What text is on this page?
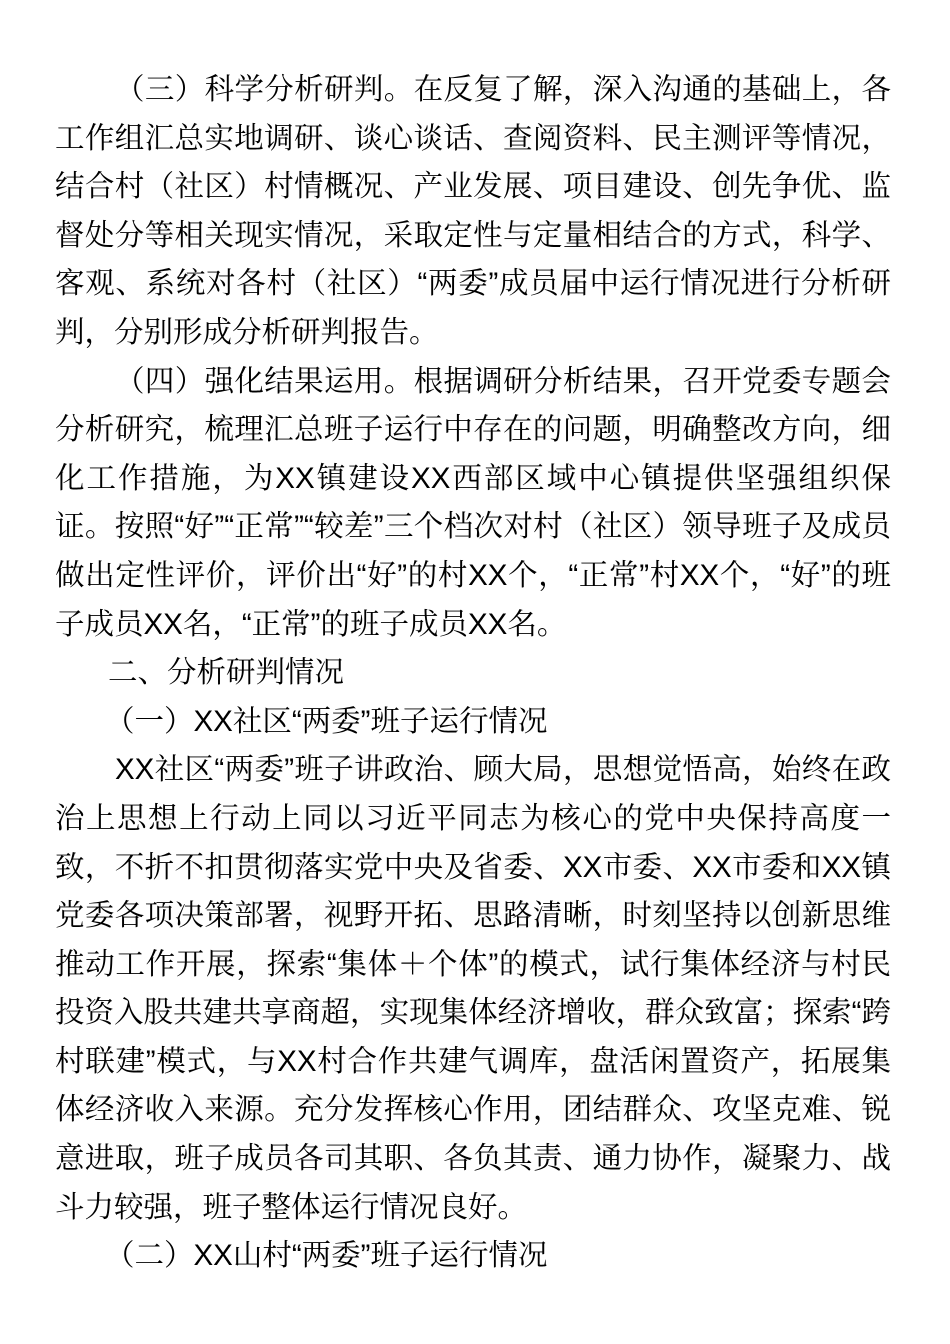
（三）科学分析研判。在反复了解，深入沟通的基础上，各工作组汇总实地调研、谈心谈话、查阅资料、民主测评等情况，结合村（社区）村情概况、产业发展、项目建设、创先争优、监督处分等相关现实情况，采取定性与定量相结合的方式，科学、客观、系统对各村（社区）“两委”成员届中运行情况进行分析研判，分别形成分析研判报告。

（四）强化结果运用。根据调研分析结果，召开党委专题会分析研究，梳理汇总班子运行中存在的问题，明确整改方向，细化工作措施，为XX镇建设XX西部区域中心镇提供坚强组织保证。按照“好”“正常”“较差”三个档次对村（社区）领导班子及成员做出定性评价，评价出“好”的村XX个，“正常”村XX个，“好”的班子成员XX名，“正常”的班子成员XX名。

二、分析研判情况

（一）XX社区“两委”班子运行情况

XX社区“两委”班子讲政治、顾大局，思想觉悟高，始终在政治上思想上行动上同以习近平同志为核心的党中央保持高度一致，不折不扣贯彻落实党中央及省委、XX市委、XX市委和XX镇党委各项决策部署，视野开拓、思路清晰，时刻坚持以创新思维推动工作开展，探索“集体＋个体”的模式，试行集体经济与村民投资入股共建共享商超，实现集体经济增收，群众致富；探索“跨村联建”模式，与XX村合作共建气调库，盘活闲置资产，拓展集体经济收入来源。充分发挥核心作用，团结群众、攻坚克难、锐意进取，班子成员各司其职、各负其责、通力协作，凝聚力、战斗力较强，班子整体运行情况良好。

（二）XX山村“两委”班子运行情况
